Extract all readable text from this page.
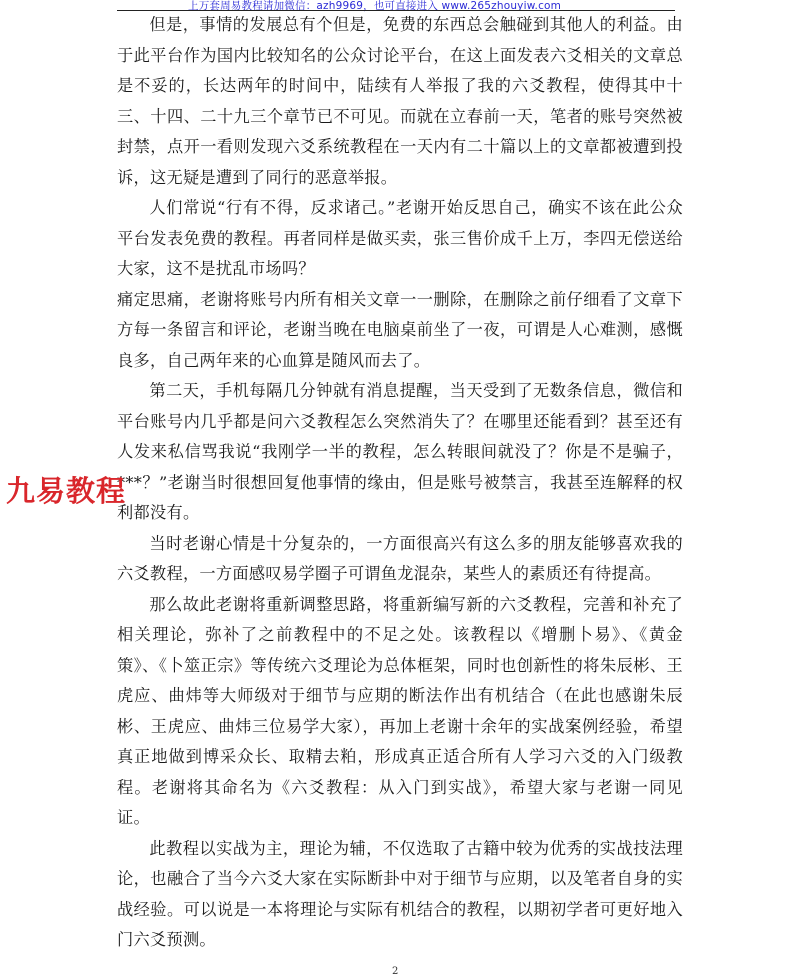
上万套周易教程请加微信：azh9969，也可直接进入 www.265zhouyiw.com

但是，事情的发展总有个但是，免费的东西总会触碰到其他人的利益。由于此平台作为国内比较知名的公众讨论平台，在这上面发表六爻相关的文章总是不妥的，长达两年的时间中，陆续有人举报了我的六爻教程，使得其中十三、十四、二十九三个章节已不可见。而就在立春前一天，笔者的账号突然被封禁，点开一看则发现六爻系统教程在一天内有二十篇以上的文章都被遭到投诉，这无疑是遭到了同行的恶意举报。

人们常说“行有不得，反求诸己。”老谢开始反思自己，确实不该在此公众平台发表免费的教程。再者同样是做买卖，张三售价成千上万，李四无偿送给大家，这不是扰乱市场吗？

痛定思痛，老谢将账号内所有相关文章一一删除，在删除之前仔细看了文章下方每一条留言和评论，老谢当晚在电脑桌前坐了一夜，可谓是人心难测，感慨良多，自己两年来的心血算是随风而去了。

第二天，手机每隔几分钟就有消息提醒，当天受到了无数条信息，微信和平台账号内几乎都是问六爻教程怎么突然消失了？在哪里还能看到？甚至还有人发来私信骂我说“我刚学一半的教程，怎么转眼间就没了？你是不是骗子，***？”老谢当时很想回复他事情的缘由，但是账号被禁言，我甚至连解释的权利都没有。

当时老谢心情是十分复杂的，一方面很高兴有这么多的朋友能够喜欢我的六爻教程，一方面感叹易学圈子可谓鱼龙混杂，某些人的素质还有待提高。

那么故此老谢将重新调整思路，将重新编写新的六爻教程，完善和补充了相关理论，弥补了之前教程中的不足之处。该教程以《增删卜易》、《黄金策》、《卜筮正宗》等传统六爻理论为总体框架，同时也创新性的将朱辰彬、王虎应、曲炜等大师级对于细节与应期的断法作出有机结合（在此也感谢朱辰彬、王虎应、曲炜三位易学大家），再加上老谢十余年的实战案例经验，希望真正地做到博采众长、取精去粕，形成真正适合所有人学习六爻的入门级教程。老谢将其命名为《六爻教程：从入门到实战》，希望大家与老谢一同见证。

此教程以实战为主，理论为辅，不仅选取了古籍中较为优秀的实战技法理论，也融合了当今六爻大家在实际断卦中对于细节与应期，以及笔者自身的实战经验。可以说是一本将理论与实际有机结合的教程，以期初学者可更好地入门六爻预测。

九易教程
2
